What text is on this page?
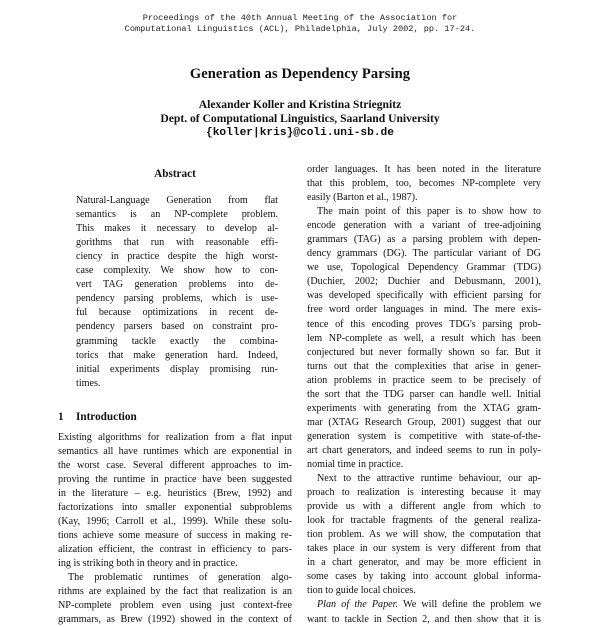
Proceedings of the 40th Annual Meeting of the Association for
Computational Linguistics (ACL), Philadelphia, July 2002, pp. 17-24.
Generation as Dependency Parsing
Alexander Koller and Kristina Striegnitz
Dept. of Computational Linguistics, Saarland University
{koller|kris}@coli.uni-sb.de
Abstract
Natural-Language Generation from flat
semantics is an NP-complete problem.
This makes it necessary to develop al-
gorithms that run with reasonable effi-
ciency in practice despite the high worst-
case complexity. We show how to con-
vert TAG generation problems into de-
pendency parsing problems, which is use-
ful because optimizations in recent de-
pendency parsers based on constraint pro-
gramming tackle exactly the combina-
torics that make generation hard. Indeed,
initial experiments display promising run-
times.
1 Introduction
Existing algorithms for realization from a flat input
semantics all have runtimes which are exponential in
the worst case. Several different approaches to im-
proving the runtime in practice have been suggested
in the literature – e.g. heuristics (Brew, 1992) and
factorizations into smaller exponential subproblems
(Kay, 1996; Carroll et al., 1999). While these solu-
tions achieve some measure of success in making re-
alization efficient, the contrast in efficiency to pars-
ing is striking both in theory and in practice.
The problematic runtimes of generation algo-
rithms are explained by the fact that realization is an
NP-complete problem even using just context-free
grammars, as Brew (1992) showed in the context of
order languages. It has been noted in the literature
that this problem, too, becomes NP-complete very
easily (Barton et al., 1987).
The main point of this paper is to show how to
encode generation with a variant of tree-adjoining
grammars (TAG) as a parsing problem with depen-
dency grammars (DG). The particular variant of DG
we use, Topological Dependency Grammar (TDG)
(Duchier, 2002; Duchier and Debusmann, 2001),
was developed specifically with efficient parsing for
free word order languages in mind. The mere exis-
tence of this encoding proves TDG's parsing prob-
lem NP-complete as well, a result which has been
conjectured but never formally shown so far. But it
turns out that the complexities that arise in gener-
ation problems in practice seem to be precisely of
the sort that the TDG parser can handle well. Initial
experiments with generating from the XTAG gram-
mar (XTAG Research Group, 2001) suggest that our
generation system is competitive with state-of-the-
art chart generators, and indeed seems to run in poly-
nomial time in practice.
Next to the attractive runtime behaviour, our ap-
proach to realization is interesting because it may
provide us with a different angle from which to
look for tractable fragments of the general realiza-
tion problem. As we will show, the computation that
takes place in our system is very different from that
in a chart generator, and may be more efficient in
some cases by taking into account global informa-
tion to guide local choices.
Plan of the Paper. We will define the problem we
want to tackle in Section 2, and then show that it is
